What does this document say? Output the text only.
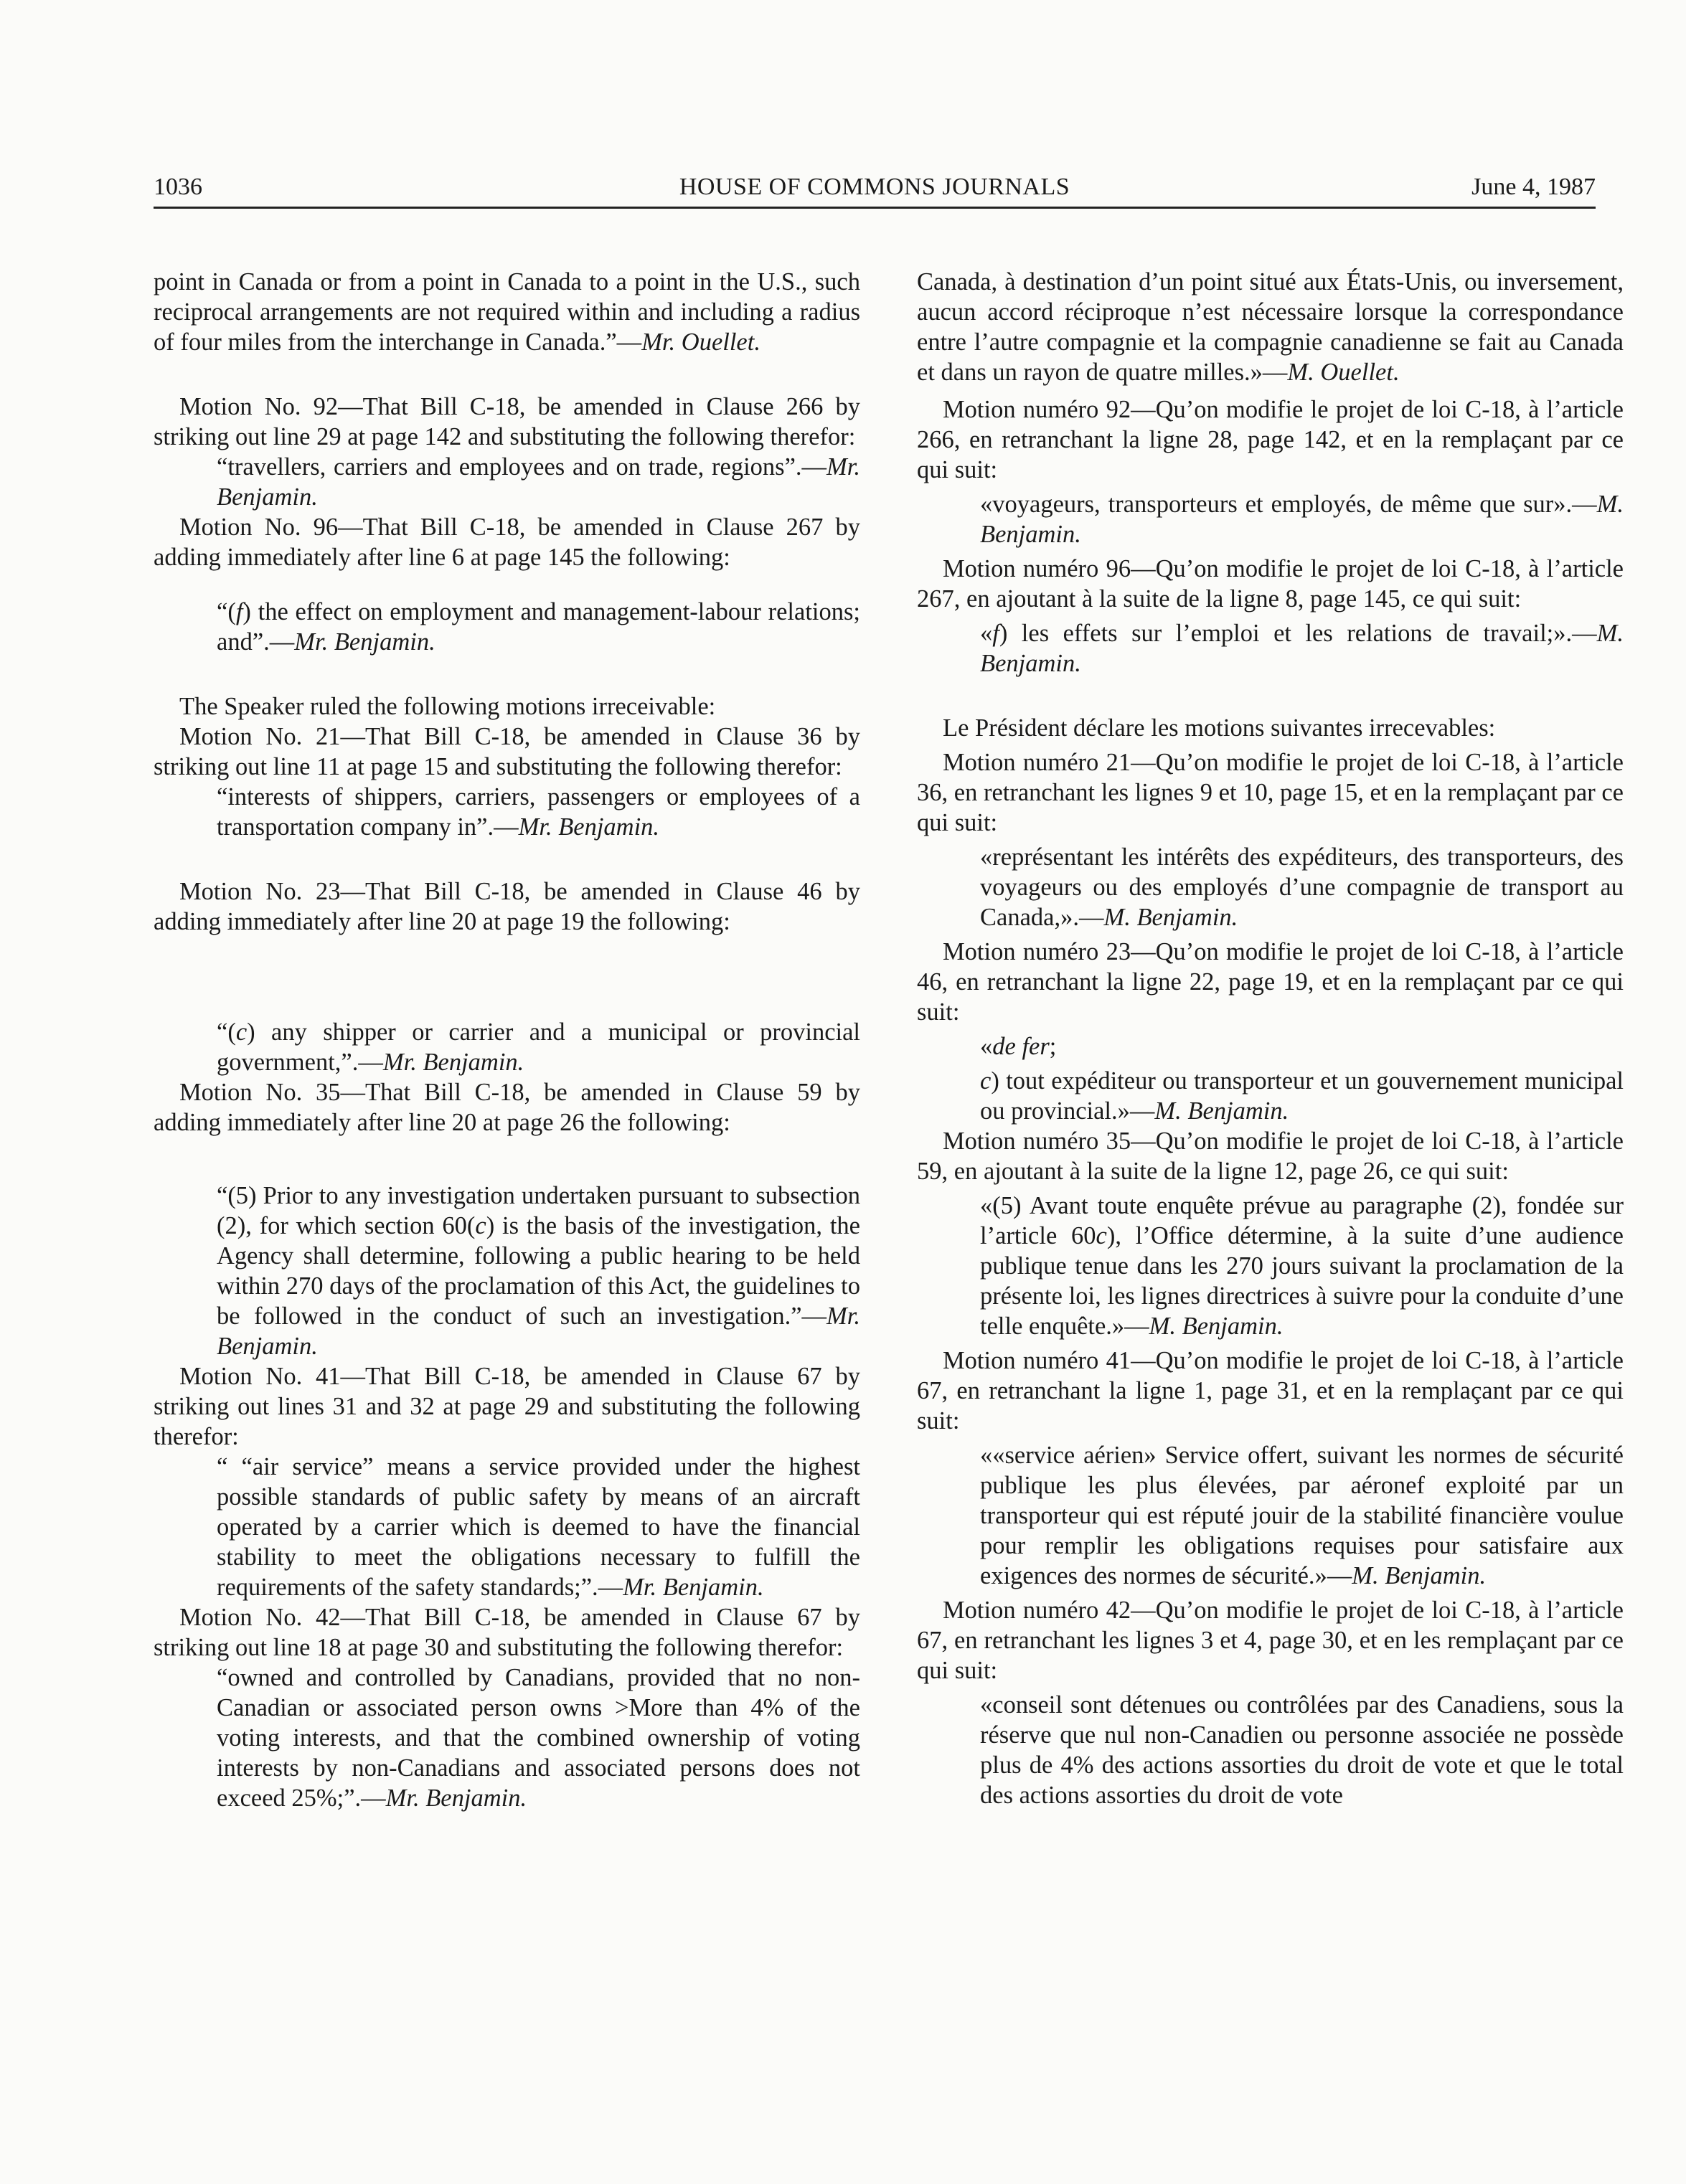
1036	HOUSE OF COMMONS JOURNALS	June 4, 1987

point in Canada or from a point in Canada to a point in the U.S., such reciprocal arrangements are not required within and including a radius of four miles from the interchange in Canada.”—Mr. Ouellet.

Motion No. 92—That Bill C-18, be amended in Clause 266 by striking out line 29 at page 142 and substituting the following therefor:

“travellers, carriers and employees and on trade, regions”.—Mr. Benjamin.

Motion No. 96—That Bill C-18, be amended in Clause 267 by adding immediately after line 6 at page 145 the following:

“(f) the effect on employment and management-labour relations; and”.—Mr. Benjamin.

The Speaker ruled the following motions irreceivable:

Motion No. 21—That Bill C-18, be amended in Clause 36 by striking out line 11 at page 15 and substituting the following therefor:

“interests of shippers, carriers, passengers or employees of a transportation company in”.—Mr. Benjamin.

Motion No. 23—That Bill C-18, be amended in Clause 46 by adding immediately after line 20 at page 19 the following:

“(c) any shipper or carrier and a municipal or provincial government,”.—Mr. Benjamin.

Motion No. 35—That Bill C-18, be amended in Clause 59 by adding immediately after line 20 at page 26 the following:

“(5) Prior to any investigation undertaken pursuant to subsection (2), for which section 60(c) is the basis of the investigation, the Agency shall determine, following a public hearing to be held within 270 days of the proclamation of this Act, the guidelines to be followed in the conduct of such an investigation.”—Mr. Benjamin.

Motion No. 41—That Bill C-18, be amended in Clause 67 by striking out lines 31 and 32 at page 29 and substituting the following therefor:

“ “air service” means a service provided under the highest possible standards of public safety by means of an aircraft operated by a carrier which is deemed to have the financial stability to meet the obligations necessary to fulfill the requirements of the safety standards;”.—Mr. Benjamin.

Motion No. 42—That Bill C-18, be amended in Clause 67 by striking out line 18 at page 30 and substituting the following therefor:

“owned and controlled by Canadians, provided that no non-Canadian or associated person owns >More than 4% of the voting interests, and that the combined ownership of voting interests by non-Canadians and associated persons does not exceed 25%;”.—Mr. Benjamin.

Canada, à destination d’un point situé aux États-Unis, ou inversement, aucun accord réciproque n’est nécessaire lorsque la correspondance entre l’autre compagnie et la compagnie canadienne se fait au Canada et dans un rayon de quatre milles.»—M. Ouellet.

Motion numéro 92—Qu’on modifie le projet de loi C-18, à l’article 266, en retranchant la ligne 28, page 142, et en la remplaçant par ce qui suit:

«voyageurs, transporteurs et employés, de même que sur».—M. Benjamin.

Motion numéro 96—Qu’on modifie le projet de loi C-18, à l’article 267, en ajoutant à la suite de la ligne 8, page 145, ce qui suit:

«f) les effets sur l’emploi et les relations de travail;».—M. Benjamin.

Le Président déclare les motions suivantes irrecevables:

Motion numéro 21—Qu’on modifie le projet de loi C-18, à l’article 36, en retranchant les lignes 9 et 10, page 15, et en la remplaçant par ce qui suit:

«représentant les intérêts des expéditeurs, des transporteurs, des voyageurs ou des employés d’une compagnie de transport au Canada,».—M. Benjamin.

Motion numéro 23—Qu’on modifie le projet de loi C-18, à l’article 46, en retranchant la ligne 22, page 19, et en la remplaçant par ce qui suit:

«de fer;

c) tout expéditeur ou transporteur et un gouvernement municipal ou provincial.»—M. Benjamin.

Motion numéro 35—Qu’on modifie le projet de loi C-18, à l’article 59, en ajoutant à la suite de la ligne 12, page 26, ce qui suit:

«(5) Avant toute enquête prévue au paragraphe (2), fondée sur l’article 60c), l’Office détermine, à la suite d’une audience publique tenue dans les 270 jours suivant la proclamation de la présente loi, les lignes directrices à suivre pour la conduite d’une telle enquête.»—M. Benjamin.

Motion numéro 41—Qu’on modifie le projet de loi C-18, à l’article 67, en retranchant la ligne 1, page 31, et en la remplaçant par ce qui suit:

««service aérien» Service offert, suivant les normes de sécurité publique les plus élevées, par aéronef exploité par un transporteur qui est réputé jouir de la stabilité financière voulue pour remplir les obligations requises pour satisfaire aux exigences des normes de sécurité.»—M. Benjamin.

Motion numéro 42—Qu’on modifie le projet de loi C-18, à l’article 67, en retranchant les lignes 3 et 4, page 30, et en les remplaçant par ce qui suit:

«conseil sont détenues ou contrôlées par des Canadiens, sous la réserve que nul non-Canadien ou personne associée ne possède plus de 4% des actions assorties du droit de vote et que le total des actions assorties du droit de vote
